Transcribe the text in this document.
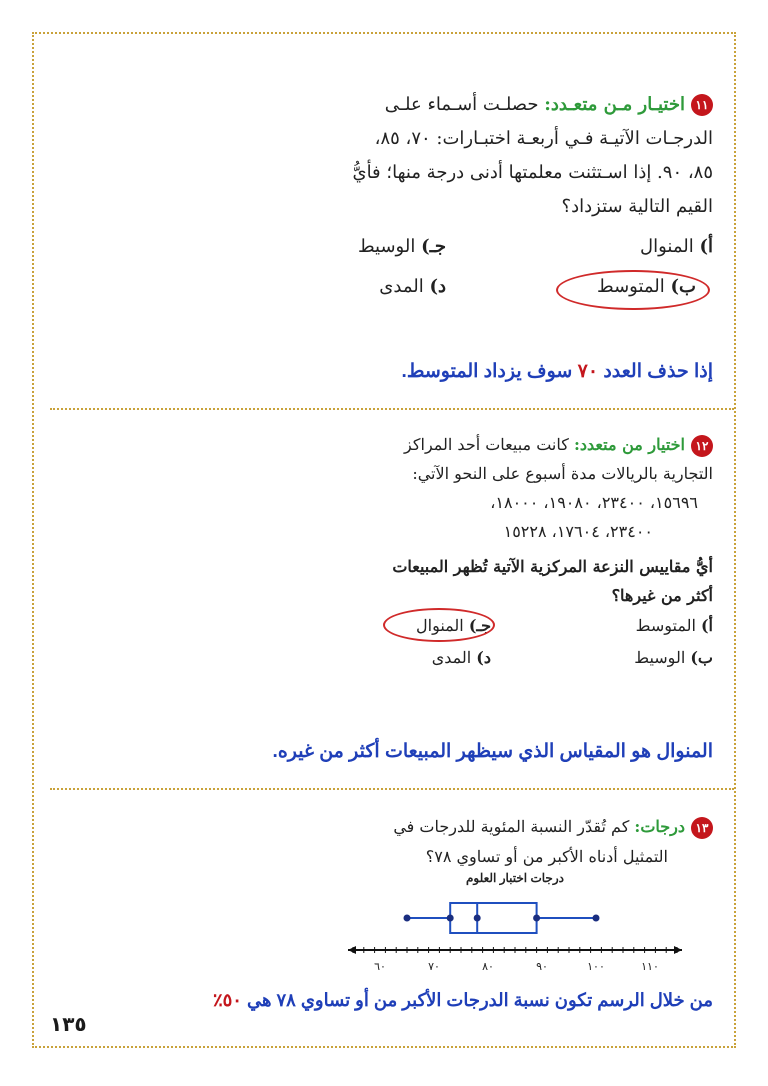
١١اختيـار مـن متعـدد: حصلـت أسـماء علـى
الدرجـات الآتيـة فـي أربعـة اختبـارات: ٧٠، ٨٥،
٨٥، ٩٠. إذا اسـتثنت معلمتها أدنى درجة منها؛ فأيُّ
القيم التالية ستزداد؟
أ) المنوال
جـ) الوسيط
ب) المتوسط
د) المدى
إذا حذف العدد ٧٠ سوف يزداد المتوسط.
١٢اختيار من متعدد: كانت مبيعات أحد المراكز
التجارية بالريالات مدة أسبوع على النحو الآتي:
١٥٦٩٦، ٢٣٤٠٠، ١٩٠٨٠، ١٨٠٠٠،
٢٣٤٠٠، ١٧٦٠٤، ١٥٢٢٨
أيُّ مقاييس النزعة المركزية الآتية تُظهر المبيعات
أكثر من غيرها؟
أ) المتوسط
جـ) المنوال
ب) الوسيط
د) المدى
المنوال هو المقياس الذي سيظهر المبيعات أكثر من غيره.
١٣درجات: كم تُقدّر النسبة المئوية للدرجات في
التمثيل أدناه الأكبر من أو تساوي ٧٨؟
درجات اختبار العلوم
٦٠	٧٠	٨٠	٩٠	١٠٠	١١٠
من خلال الرسم تكون نسبة الدرجات الأكبر من أو تساوي ٧٨ هي ٥٠٪
١٣٥
